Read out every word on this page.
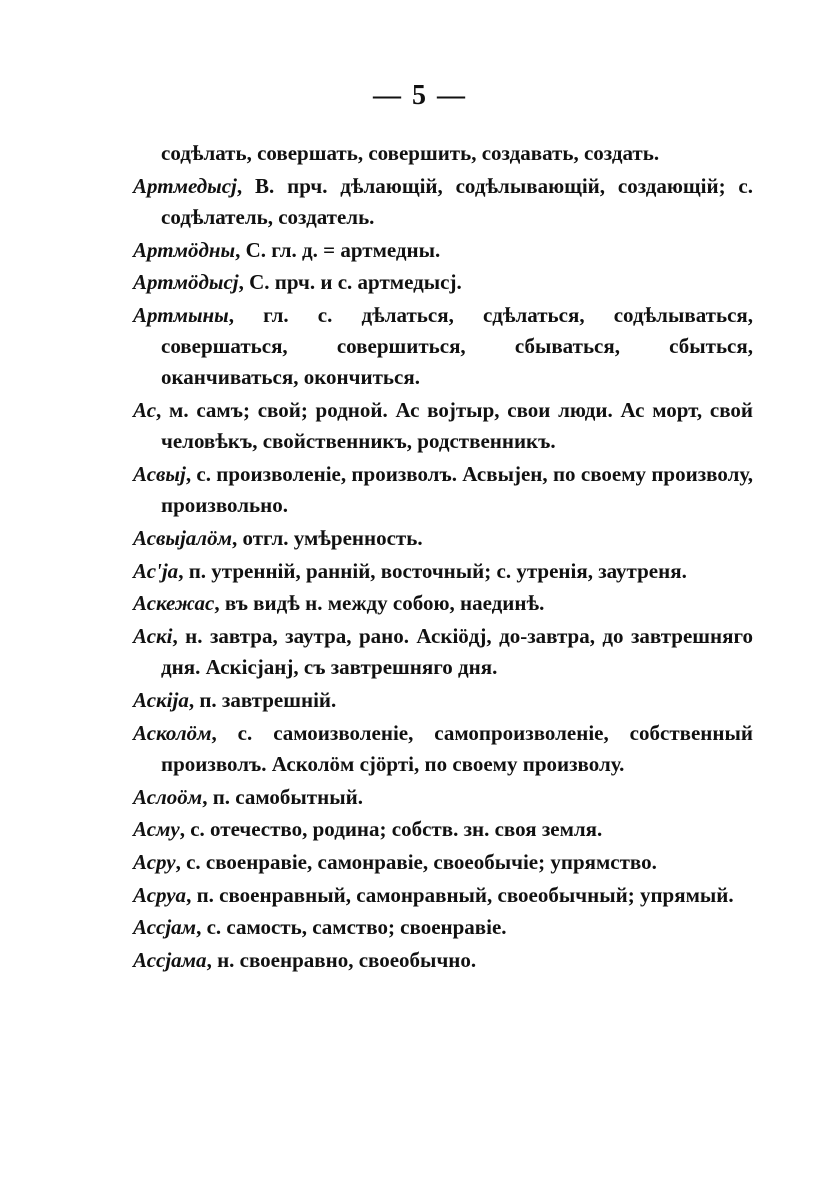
— 5 —

содѣлать, совершать, совершить, создавать, создать.

Артмедысј, В. прч. дѣлающій, содѣлывающій, создающій; с. содѣлатель, создатель.

Артмӧдны, С. гл. д. = артмедны.

Артмӧдысј, С. прч. и с. артмедысј.

Артмыны, гл. с. дѣлаться, сдѣлаться, содѣлываться, совершаться, совершиться, сбываться, сбыться, оканчиваться, окончиться.

Ас, м. самъ; свой; родной. Ас војтыр, свои люди. Ас морт, свой человѣкъ, свойственникъ, родственникъ.

Асвыј, с. произволеніе, произволъ. Асвыјен, по своему произволу, произвольно.

Асвыјалӧм, отгл. умѣренность.

Ас'ја, п. утренній, ранній, восточный; с. утренія, заутреня.

Аскежас, въ видѣ н. между собою, наединѣ.

Аскі, н. завтра, заутра, рано. Аскіӧдј, до-завтра, до завтрешняго дня. Аскісјанј, съ завтрешняго дня.

Аскіја, п. завтрешній.

Асколӧм, с. самоизволеніе, самопроизволеніе, собственный произволъ. Асколӧм сјӧртi, по своему произволу.

Аслоӧм, п. самобытный.

Асму, с. отечество, родина; собств. зн. своя земля.

Асру, с. своенравіе, самонравіе, своеобычіе; упрямство.

Асруа, п. своенравный, самонравный, своеобычный; упрямый.

Ассјам, с. самость, самство; своенравіе.

Ассјама, н. своенравно, своеобычно.
